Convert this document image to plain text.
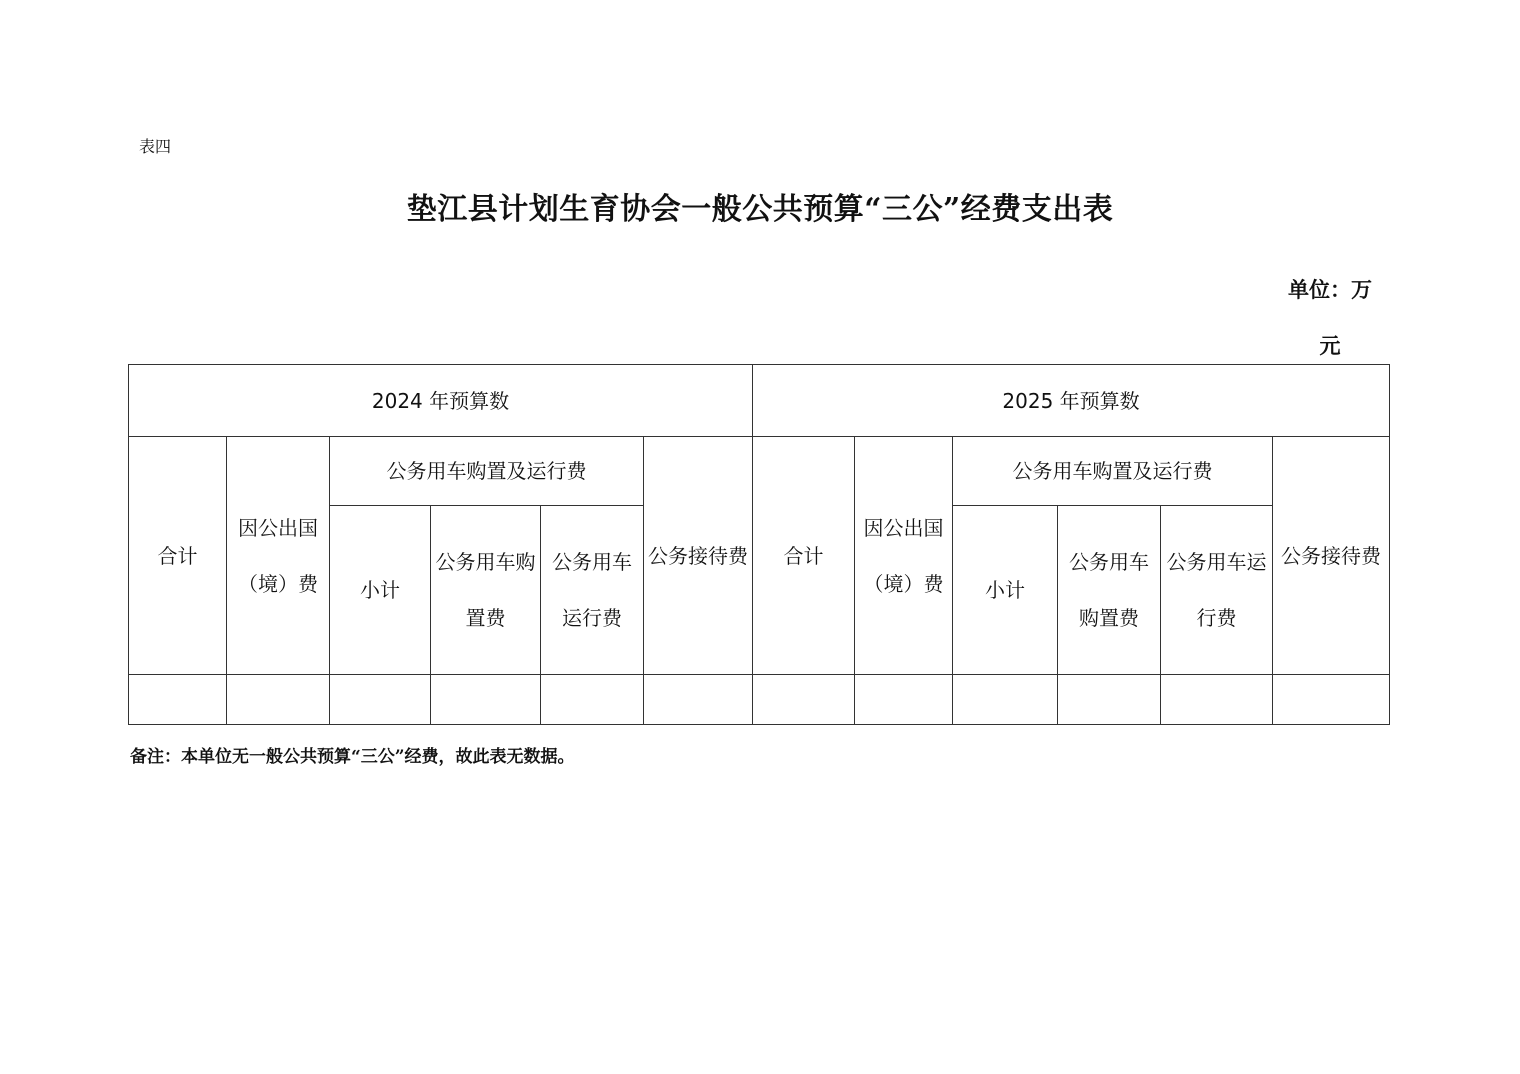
表四
垫江县计划生育协会一般公共预算“三公”经费支出表
单位：万元
2024 年预算数						2025 年预算数					
合计	因公出国（境）费	公务用车购置及运行费			公务接待费	合计	因公出国（境）费	公务用车购置及运行费			公务接待费
		小计	公务用车购置费	公务用车运行费				小计	公务用车购置费	公务用车运行费	

备注：本单位无一般公共预算“三公”经费，故此表无数据。
